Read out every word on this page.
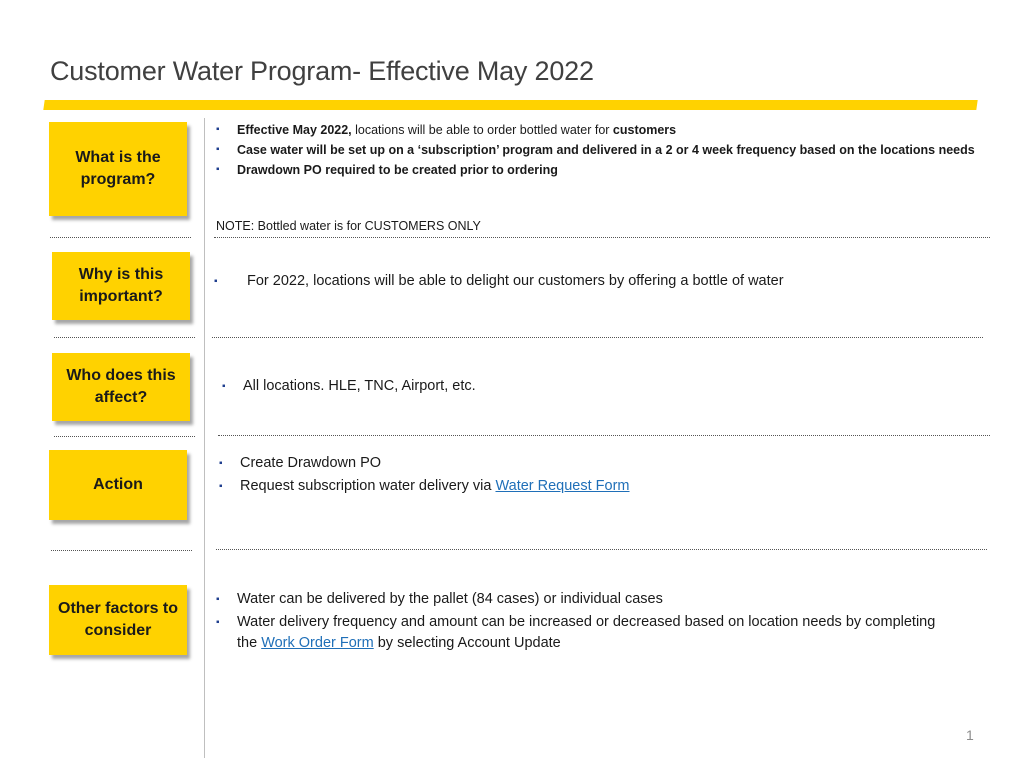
Customer Water Program- Effective May 2022
What is the program?
▪ Effective May 2022, locations will be able to order bottled water for customers
▪ Case water will be set up on a ‘subscription’ program and delivered in a 2 or 4 week frequency based on the locations needs
▪ Drawdown PO required to be created prior to ordering
NOTE: Bottled water is for CUSTOMERS ONLY
Why is this important?
▪ For 2022, locations will be able to delight our customers by offering a bottle of water
Who does this affect?
▪ All locations. HLE, TNC, Airport, etc.
Action
▪ Create Drawdown PO
▪ Request subscription water delivery via Water Request Form
Other factors to consider
▪ Water can be delivered by the pallet (84 cases) or individual cases
▪ Water delivery frequency and amount can be increased or decreased based on location needs by completing the Work Order Form by selecting Account Update
1
